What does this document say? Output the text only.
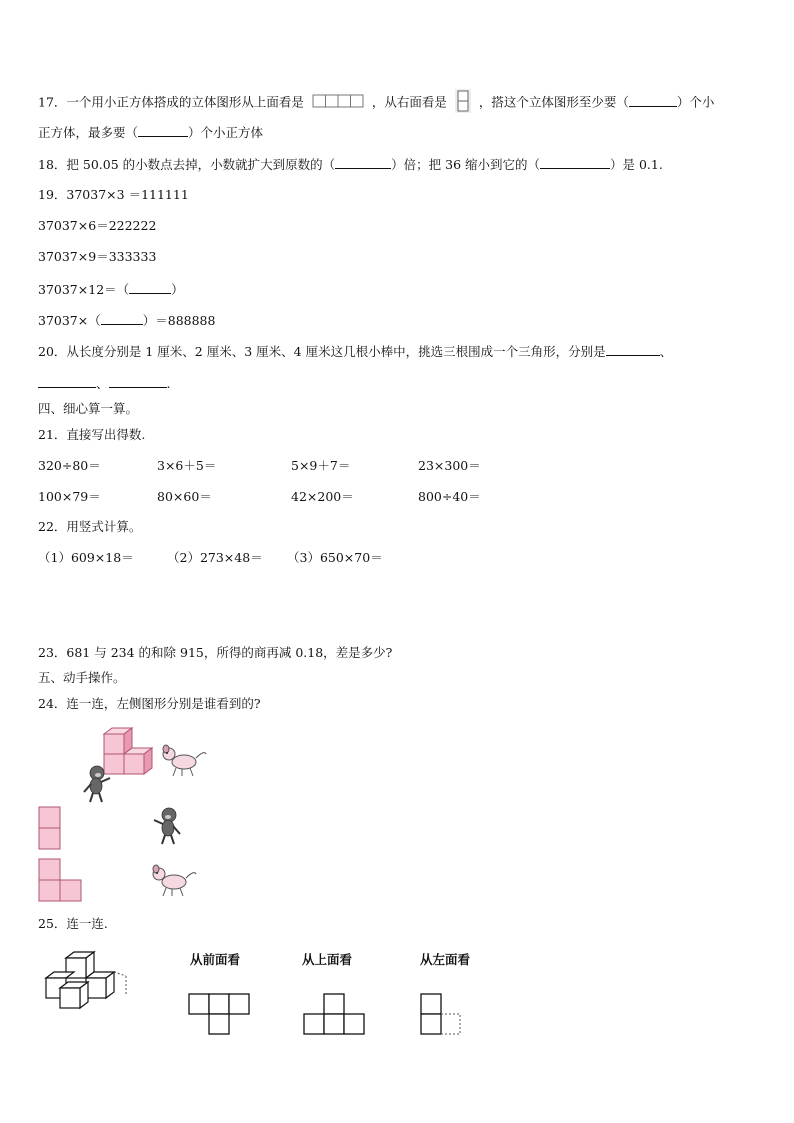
17．一个用小正方体搭成的立体图形从上面看是	，从右面看是	，搭这个立体图形至少要（	）个小
正方体，最多要（	）个小正方体
18．把 50.05 的小数点去掉，小数就扩大到原数的（	）倍；把 36 缩小到它的（	）是 0.1.
19．37037×3 ＝111111
37037×6＝222222
37037×9＝333333
37037×12＝（	）
37037×（	）＝888888
20．从长度分别是 1 厘米、2 厘米、3 厘米、4 厘米这几根小棒中，挑选三根围成一个三角形，分别是	、
、	.
四、细心算一算。
21．直接写出得数.
320÷80＝	3×6＋5＝	5×9＋7＝	23×300＝
100×79＝	80×60＝	42×200＝	800÷40＝
22．用竖式计算。
（1）609×18＝	（2）273×48＝ （3）650×70＝
23．681 与 234 的和除 915，所得的商再减 0.18，差是多少?
五、动手操作。
24．连一连，左侧图形分别是谁看到的?
25．连一连.
从前面看	从上面看	从左面看
